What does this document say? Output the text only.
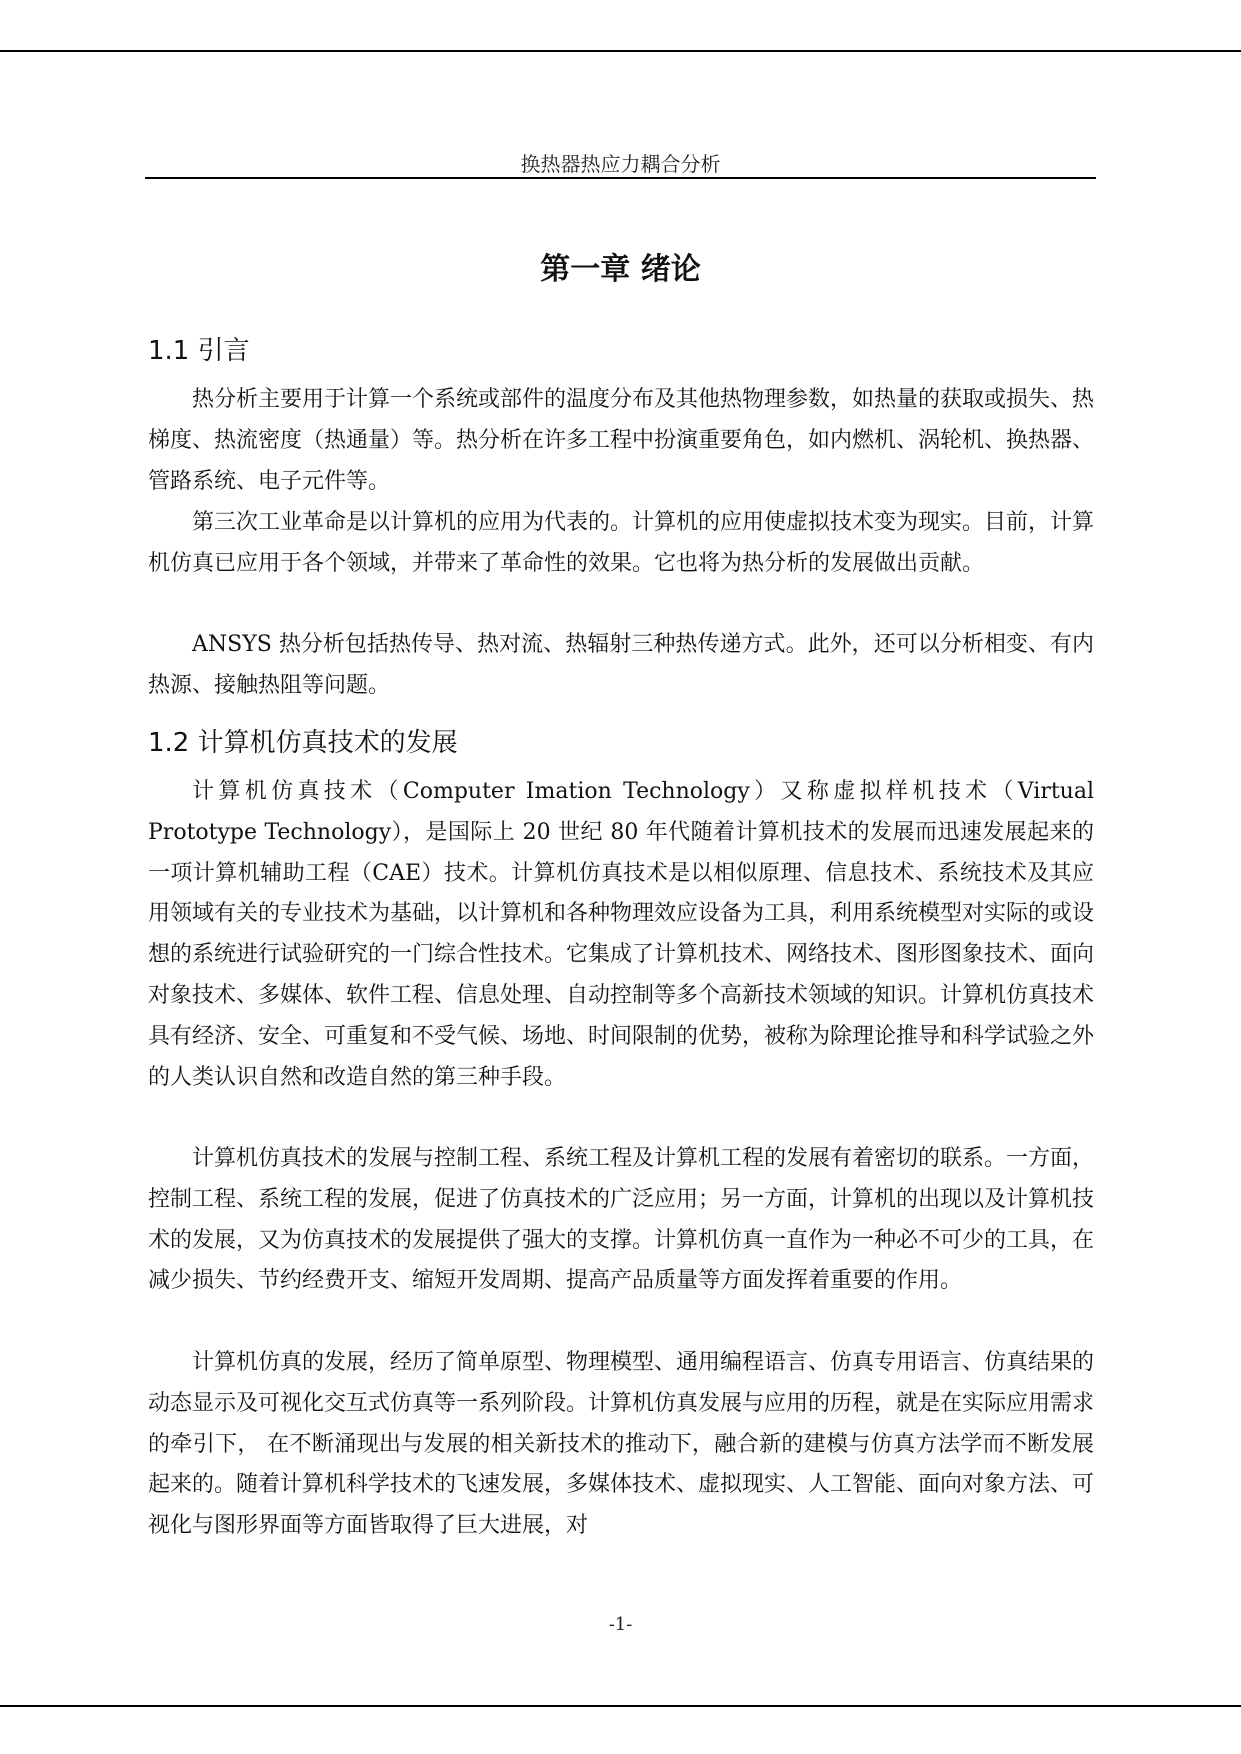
换热器热应力耦合分析
第一章 绪论
1.1 引言

热分析主要用于计算一个系统或部件的温度分布及其他热物理参数，如热量的获取或损失、热梯度、热流密度（热通量）等。热分析在许多工程中扮演重要角色，如内燃机、涡轮机、换热器、管路系统、电子元件等。

第三次工业革命是以计算机的应用为代表的。计算机的应用使虚拟技术变为现实。目前，计算机仿真已应用于各个领域，并带来了革命性的效果。它也将为热分析的发展做出贡献。

ANSYS 热分析包括热传导、热对流、热辐射三种热传递方式。此外，还可以分析相变、有内热源、接触热阻等问题。

1.2 计算机仿真技术的发展

计算机仿真技术（Computer Imation Technology）又称虚拟样机技术（Virtual Prototype Technology），是国际上 20 世纪 80 年代随着计算机技术的发展而迅速发展起来的一项计算机辅助工程（CAE）技术。计算机仿真技术是以相似原理、信息技术、系统技术及其应用领域有关的专业技术为基础，以计算机和各种物理效应设备为工具，利用系统模型对实际的或设想的系统进行试验研究的一门综合性技术。它集成了计算机技术、网络技术、图形图象技术、面向对象技术、多媒体、软件工程、信息处理、自动控制等多个高新技术领域的知识。计算机仿真技术具有经济、安全、可重复和不受气候、场地、时间限制的优势，被称为除理论推导和科学试验之外的人类认识自然和改造自然的第三种手段。

计算机仿真技术的发展与控制工程、系统工程及计算机工程的发展有着密切的联系。一方面，控制工程、系统工程的发展，促进了仿真技术的广泛应用；另一方面，计算机的出现以及计算机技术的发展，又为仿真技术的发展提供了强大的支撑。计算机仿真一直作为一种必不可少的工具，在减少损失、节约经费开支、缩短开发周期、提高产品质量等方面发挥着重要的作用。

计算机仿真的发展，经历了简单原型、物理模型、通用编程语言、仿真专用语言、仿真结果的动态显示及可视化交互式仿真等一系列阶段。计算机仿真发展与应用的历程，就是在实际应用需求的牵引下， 在不断涌现出与发展的相关新技术的推动下，融合新的建模与仿真方法学而不断发展起来的。随着计算机科学技术的飞速发展，多媒体技术、虚拟现实、人工智能、面向对象方法、可视化与图形界面等方面皆取得了巨大进展，对

-1-
